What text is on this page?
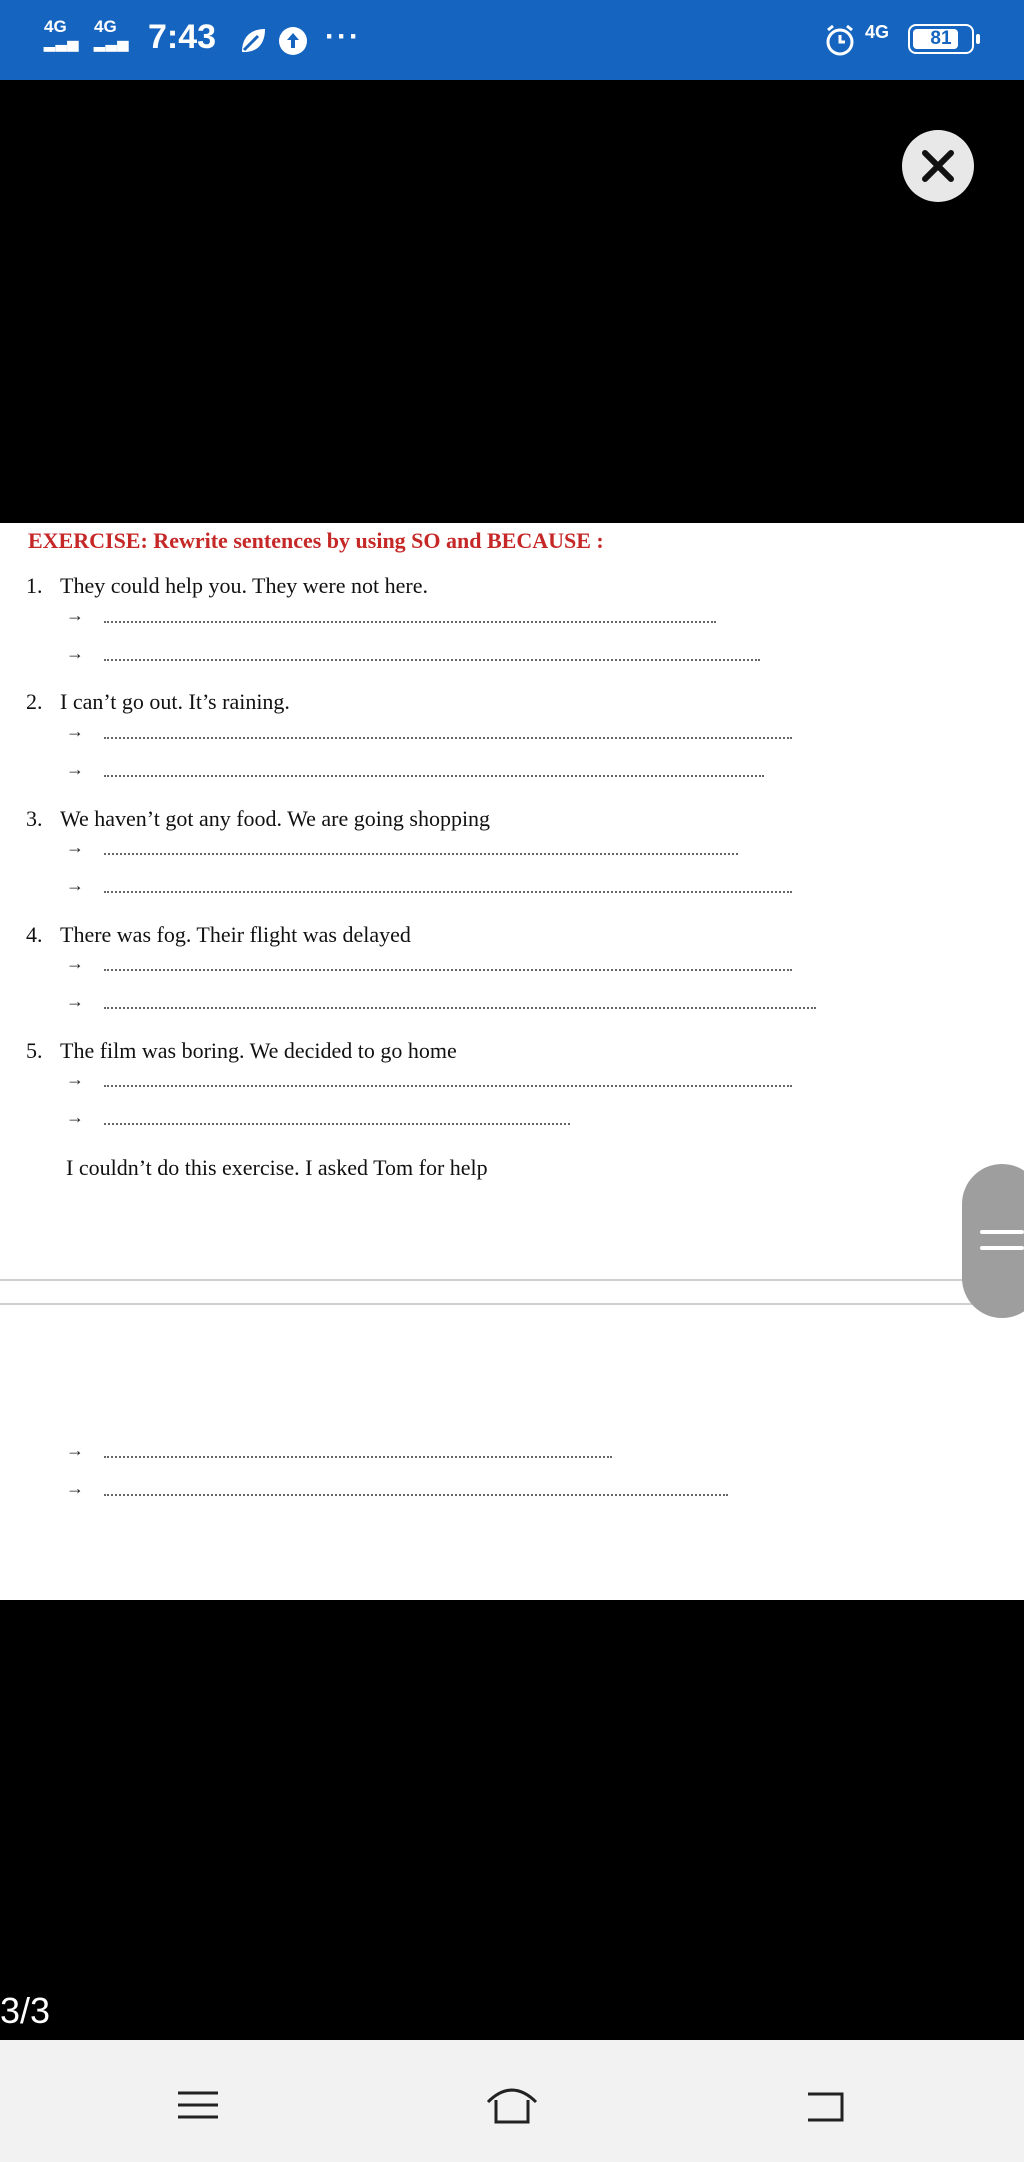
4G
▂▃▅
4G
▂▃▅ 7:43	···	4G	81
EXERCISE: Rewrite sentences by using SO and BECAUSE :
1. They could help you. They were not here.
→
→
2. I can’t go out. It’s raining.
→
→
3. We haven’t got any food. We are going shopping
→
→
4. There was fog. Their flight was delayed
→
→
5. The film was boring. We decided to go home
→
→
I couldn’t do this exercise. I asked Tom for help
→
→
3/3
